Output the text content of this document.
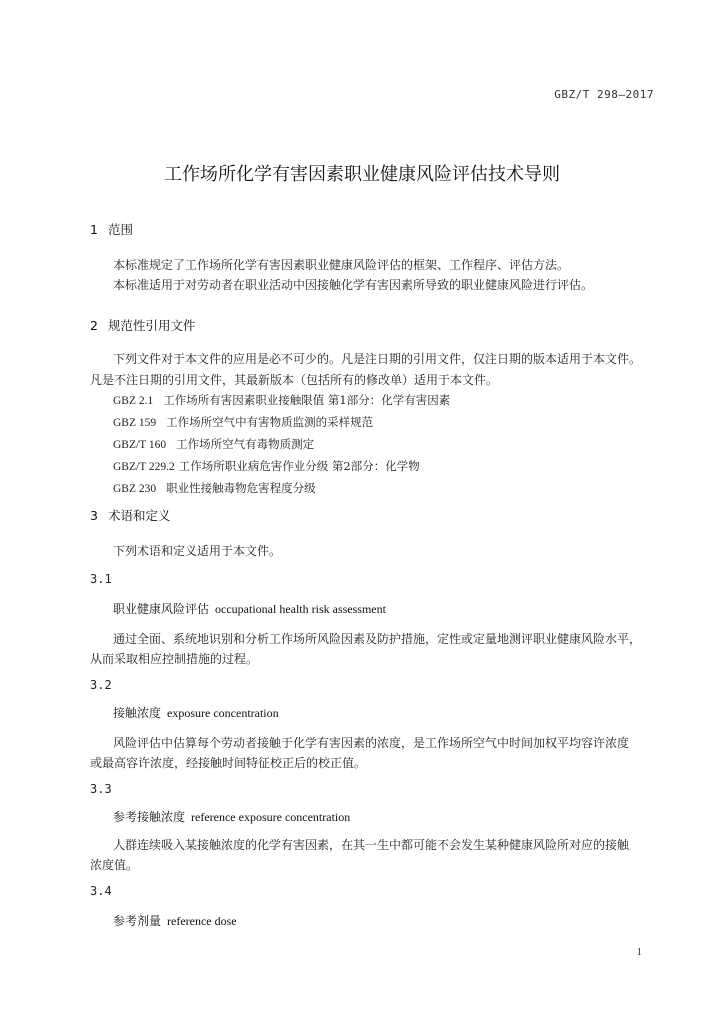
GBZ/T 298—2017
工作场所化学有害因素职业健康风险评估技术导则
1 范围
本标准规定了工作场所化学有害因素职业健康风险评估的框架、工作程序、评估方法。
本标准适用于对劳动者在职业活动中因接触化学有害因素所导致的职业健康风险进行评估。
2 规范性引用文件
下列文件对于本文件的应用是必不可少的。凡是注日期的引用文件，仅注日期的版本适用于本文件。
凡是不注日期的引用文件，其最新版本（包括所有的修改单）适用于本文件。
GBZ 2.1 工作场所有害因素职业接触限值 第1部分：化学有害因素
GBZ 159 工作场所空气中有害物质监测的采样规范
GBZ/T 160 工作场所空气有毒物质测定
GBZ/T 229.2 工作场所职业病危害作业分级 第2部分：化学物
GBZ 230 职业性接触毒物危害程度分级
3 术语和定义
下列术语和定义适用于本文件。
3.1
职业健康风险评估 occupational health risk assessment
通过全面、系统地识别和分析工作场所风险因素及防护措施，定性或定量地测评职业健康风险水平，
从而采取相应控制措施的过程。
3.2
接触浓度 exposure concentration
风险评估中估算每个劳动者接触于化学有害因素的浓度，是工作场所空气中时间加权平均容许浓度
或最高容许浓度，经接触时间特征校正后的校正值。
3.3
参考接触浓度 reference exposure concentration
人群连续吸入某接触浓度的化学有害因素，在其一生中都可能不会发生某种健康风险所对应的接触
浓度值。
3.4
参考剂量 reference dose
1
